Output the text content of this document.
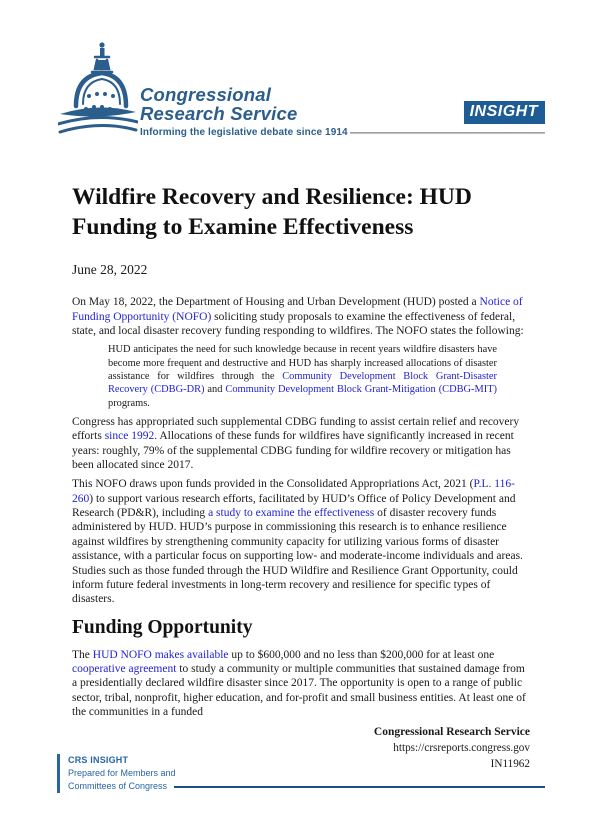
Congressional
Research Service
Informing the legislative debate since 1914
INSIGHT
Wildfire Recovery and Resilience: HUD Funding to Examine Effectiveness
June 28, 2022

On May 18, 2022, the Department of Housing and Urban Development (HUD) posted a Notice of Funding Opportunity (NOFO) soliciting study proposals to examine the effectiveness of federal, state, and local disaster recovery funding responding to wildfires. The NOFO states the following:

HUD anticipates the need for such knowledge because in recent years wildfire disasters have become more frequent and destructive and HUD has sharply increased allocations of disaster assistance for wildfires through the Community Development Block Grant-Disaster Recovery (CDBG-DR) and Community Development Block Grant-Mitigation (CDBG-MIT) programs.

Congress has appropriated such supplemental CDBG funding to assist certain relief and recovery efforts since 1992. Allocations of these funds for wildfires have significantly increased in recent years: roughly, 79% of the supplemental CDBG funding for wildfire recovery or mitigation has been allocated since 2017.

This NOFO draws upon funds provided in the Consolidated Appropriations Act, 2021 (P.L. 116-260) to support various research efforts, facilitated by HUD’s Office of Policy Development and Research (PD&R), including a study to examine the effectiveness of disaster recovery funds administered by HUD. HUD’s purpose in commissioning this research is to enhance resilience against wildfires by strengthening community capacity for utilizing various forms of disaster assistance, with a particular focus on supporting low- and moderate-income individuals and areas. Studies such as those funded through the HUD Wildfire and Resilience Grant Opportunity, could inform future federal investments in long-term recovery and resilience for specific types of disasters.

Funding Opportunity

The HUD NOFO makes available up to $600,000 and no less than $200,000 for at least one cooperative agreement to study a community or multiple communities that sustained damage from a presidentially declared wildfire disaster since 2017. The opportunity is open to a range of public sector, tribal, nonprofit, higher education, and for-profit and small business entities. At least one of the communities in a funded

Congressional Research Service
https://crsreports.congress.gov
IN11962
CRS INSIGHT
Prepared for Members and
Committees of Congress
